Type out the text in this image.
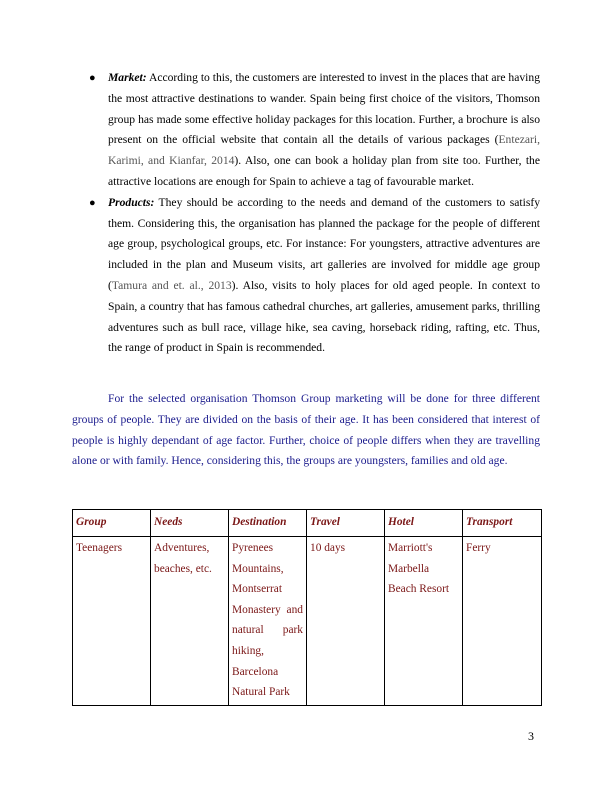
● Market: According to this, the customers are interested to invest in the places that are having the most attractive destinations to wander. Spain being first choice of the visitors, Thomson group has made some effective holiday packages for this location. Further, a brochure is also present on the official website that contain all the details of various packages (Entezari, Karimi, and Kianfar, 2014). Also, one can book a holiday plan from site too. Further, the attractive locations are enough for Spain to achieve a tag of favourable market.
● Products: They should be according to the needs and demand of the customers to satisfy them. Considering this, the organisation has planned the package for the people of different age group, psychological groups, etc. For instance: For youngsters, attractive adventures are included in the plan and Museum visits, art galleries are involved for middle age group (Tamura and et. al., 2013). Also, visits to holy places for old aged people. In context to Spain, a country that has famous cathedral churches, art galleries, amusement parks, thrilling adventures such as bull race, village hike, sea caving, horseback riding, rafting, etc. Thus, the range of product in Spain is recommended.

For the selected organisation Thomson Group marketing will be done for three different groups of people. They are divided on the basis of their age. It has been considered that interest of people is highly dependant of age factor. Further, choice of people differs when they are travelling alone or with family. Hence, considering this, the groups are youngsters, families and old age.

Group	Needs	Destination	Travel	Hotel	Transport
Teenagers	Adventures, beaches, etc.	Pyrenees Mountains, Montserrat Monastery and natural park hiking, Barcelona Natural Park	10 days	Marriott's Marbella Beach Resort	Ferry
3
